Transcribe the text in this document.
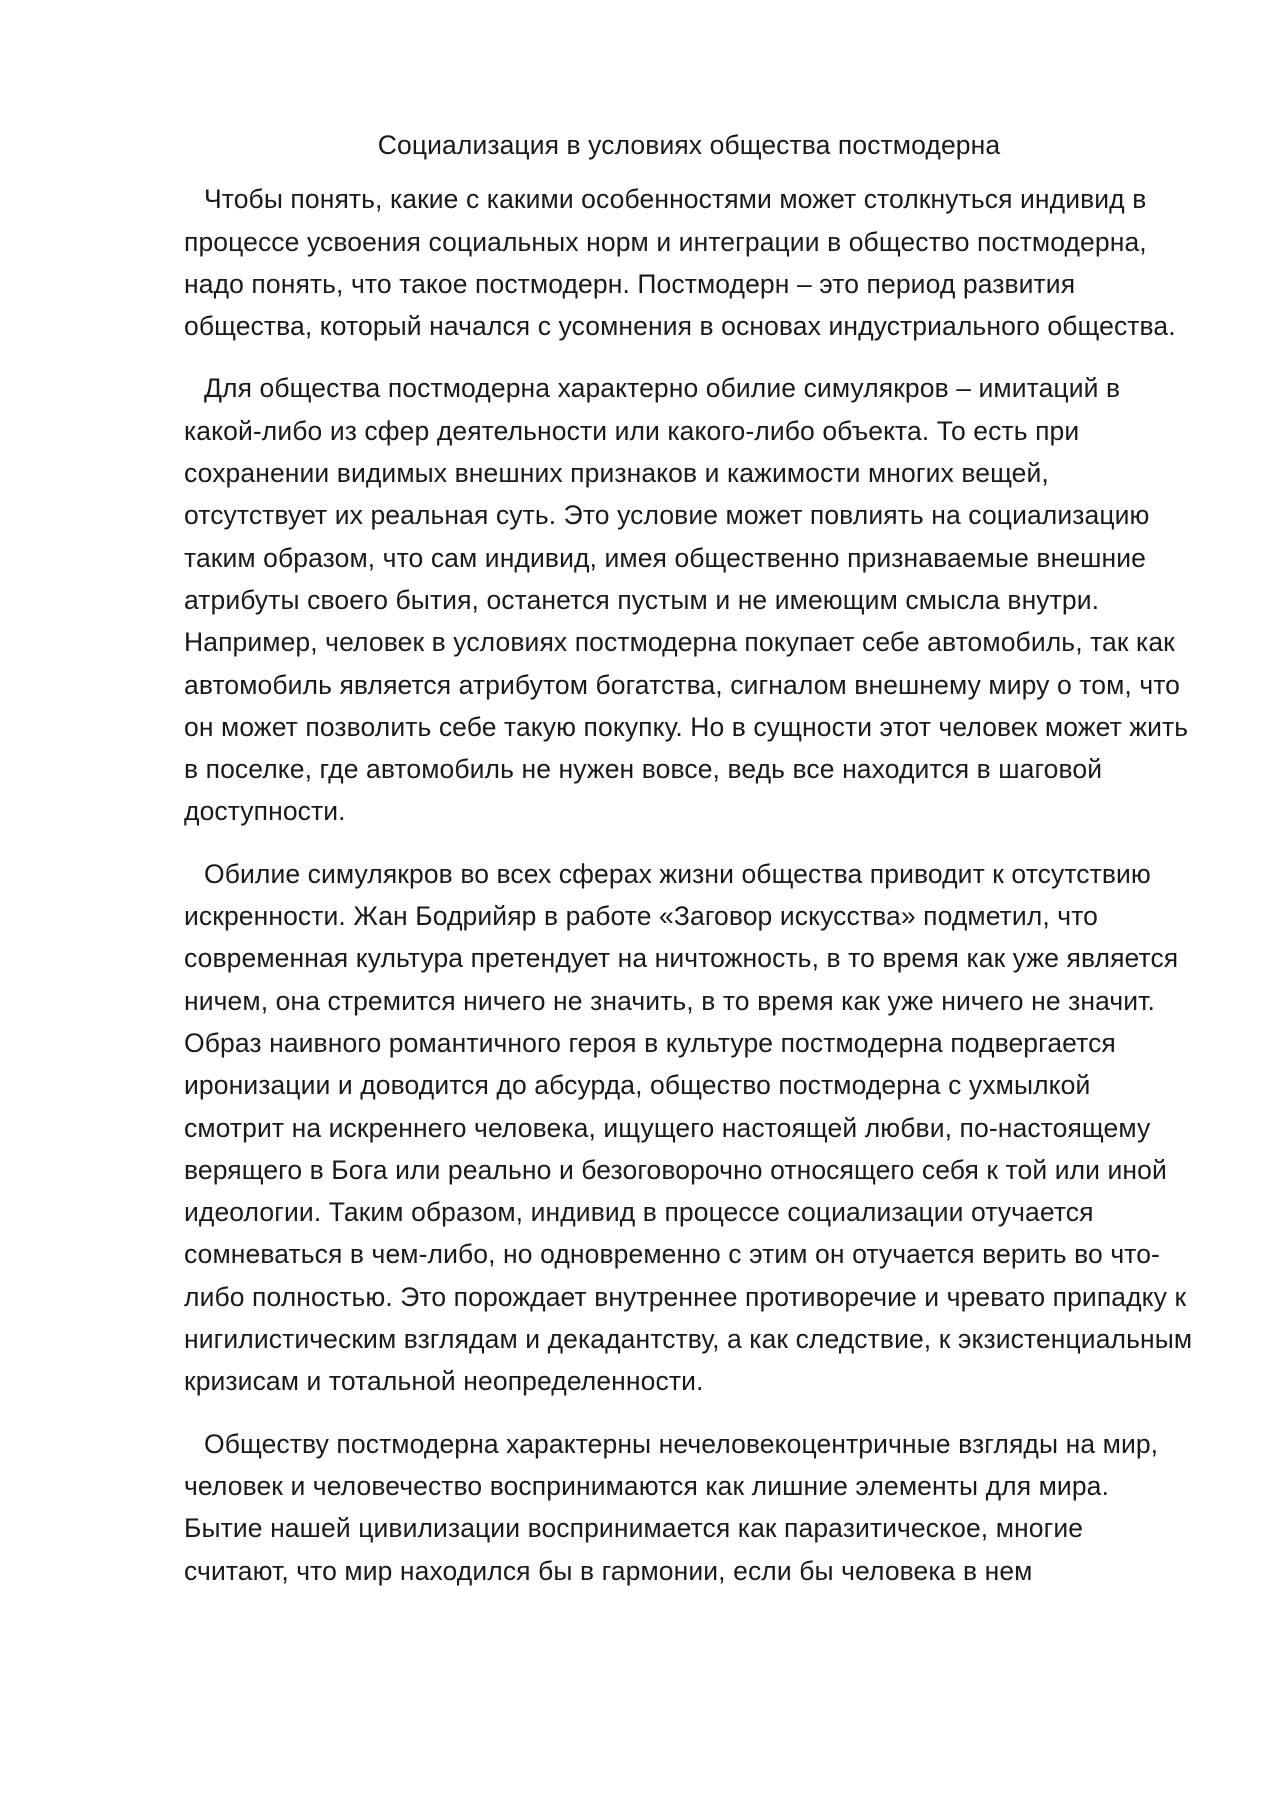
Социализация в условиях общества постмодерна

Чтобы понять, какие с какими особенностями может столкнуться индивид в процессе усвоения социальных норм и интеграции в общество постмодерна, надо понять, что такое постмодерн. Постмодерн – это период развития общества, который начался с усомнения в основах индустриального общества.

Для общества постмодерна характерно обилие симулякров – имитаций в какой-либо из сфер деятельности или какого-либо объекта. То есть при сохранении видимых внешних признаков и кажимости многих вещей, отсутствует их реальная суть. Это условие может повлиять на социализацию таким образом, что сам индивид, имея общественно признаваемые внешние атрибуты своего бытия, останется пустым и не имеющим смысла внутри. Например, человек в условиях постмодерна покупает себе автомобиль, так как автомобиль является атрибутом богатства, сигналом внешнему миру о том, что он может позволить себе такую покупку. Но в сущности этот человек может жить в поселке, где автомобиль не нужен вовсе, ведь все находится в шаговой доступности.

Обилие симулякров во всех сферах жизни общества приводит к отсутствию искренности. Жан Бодрийяр в работе «Заговор искусства» подметил, что современная культура претендует на ничтожность, в то время как уже является ничем, она стремится ничего не значить, в то время как уже ничего не значит. Образ наивного романтичного героя в культуре постмодерна подвергается иронизации и доводится до абсурда, общество постмодерна с ухмылкой смотрит на искреннего человека, ищущего настоящей любви, по-настоящему верящего в Бога или реально и безоговорочно относящего себя к той или иной идеологии. Таким образом, индивид в процессе социализации отучается сомневаться в чем-либо, но одновременно с этим он отучается верить во что-либо полностью. Это порождает внутреннее противоречие и чревато припадку к нигилистическим взглядам и декадантству, а как следствие, к экзистенциальным кризисам и тотальной неопределенности.

Обществу постмодерна характерны нечеловекоцентричные взгляды на мир, человек и человечество воспринимаются как лишние элементы для мира. Бытие нашей цивилизации воспринимается как паразитическое, многие считают, что мир находился бы в гармонии, если бы человека в нем
